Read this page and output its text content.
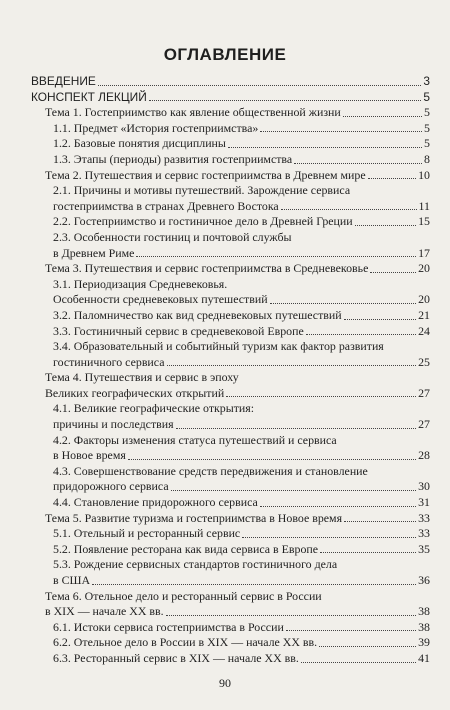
ОГЛАВЛЕНИЕ
ВВЕДЕНИЕ	3
КОНСПЕКТ ЛЕКЦИЙ	5
Тема 1. Гостеприимство как явление общественной жизни	5
1.1. Предмет «История гостеприимства»	5
1.2. Базовые понятия дисциплины	5
1.3. Этапы (периоды) развития гостеприимства	8
Тема 2. Путешествия и сервис гостеприимства в Древнем мире	10
2.1. Причины и мотивы путешествий. Зарождение сервиса
гостеприимства в странах Древнего Востока	11
2.2. Гостеприимство и гостиничное дело в Древней Греции	15
2.3. Особенности гостиниц и почтовой службы
в Древнем Риме	17
Тема 3. Путешествия и сервис гостеприимства в Средневековье	20
3.1. Периодизация Средневековья.
Особенности средневековых путешествий	20
3.2. Паломничество как вид средневековых путешествий	21
3.3. Гостиничный сервис в средневековой Европе	24
3.4. Образовательный и событийный туризм как фактор развития
гостиничного сервиса	25
Тема 4. Путешествия и сервис в эпоху
Великих географических открытий	27
4.1. Великие географические открытия:
причины и последствия	27
4.2. Факторы изменения статуса путешествий и сервиса
в Новое время	28
4.3. Совершенствование средств передвижения и становление
придорожного сервиса	30
4.4. Становление придорожного сервиса	31
Тема 5. Развитие туризма и гостеприимства в Новое время	33
5.1. Отельный и ресторанный сервис	33
5.2. Появление ресторана как вида сервиса в Европе	35
5.3. Рождение сервисных стандартов гостиничного дела
в США	36
Тема 6. Отельное дело и ресторанный сервис в России
в XIX — начале XX вв.	38
6.1. Истоки сервиса гостеприимства в России	38
6.2. Отельное дело в России в XIX — начале XX вв.	39
6.3. Ресторанный сервис в XIX — начале XX вв.	41
90
